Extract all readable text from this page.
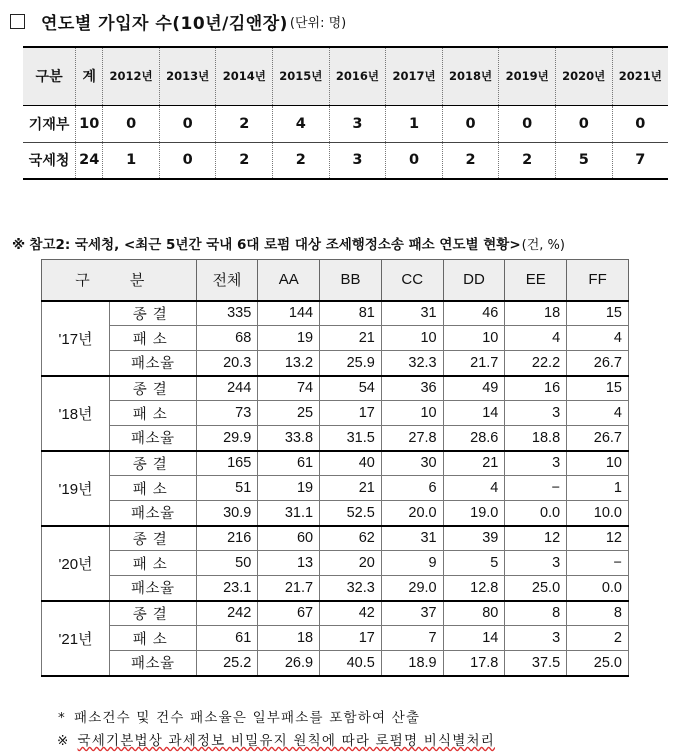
연도별 가입자 수(10년/김앤장) (단위: 명)
구분	계	2012년	2013년	2014년	2015년	2016년	2017년	2018년	2019년	2020년	2021년
기재부	10	0	0	2	4	3	1	0	0	0	0
국세청	24	1	0	2	2	3	0	2	2	5	7
※ 참고2: 국세청, <최근 5년간 국내 6대 로펌 대상 조세행정소송 패소 연도별 현황>(건, %)
구 분		전체	AA	BB	CC	DD	EE	FF
'17년	종결	335	144	81	31	46	18	15
	패소	68	19	21	10	10	4	4
	패소율	20.3	13.2	25.9	32.3	21.7	22.2	26.7
'18년	종결	244	74	54	36	49	16	15
	패소	73	25	17	10	14	3	4
	패소율	29.9	33.8	31.5	27.8	28.6	18.8	26.7
'19년	종결	165	61	40	30	21	3	10
	패소	51	19	21	6	4	−	1
	패소율	30.9	31.1	52.5	20.0	19.0	0.0	10.0
'20년	종결	216	60	62	31	39	12	12
	패소	50	13	20	9	5	3	−
	패소율	23.1	21.7	32.3	29.0	12.8	25.0	0.0
'21년	종결	242	67	42	37	80	8	8
	패소	61	18	17	7	14	3	2
	패소율	25.2	26.9	40.5	18.9	17.8	37.5	25.0
* 패소건수 및 건수 패소율은 일부패소를 포함하여 산출
※ 국세기본법상 과세정보 비밀유지 원칙에 따라 로펌명 비식별처리
